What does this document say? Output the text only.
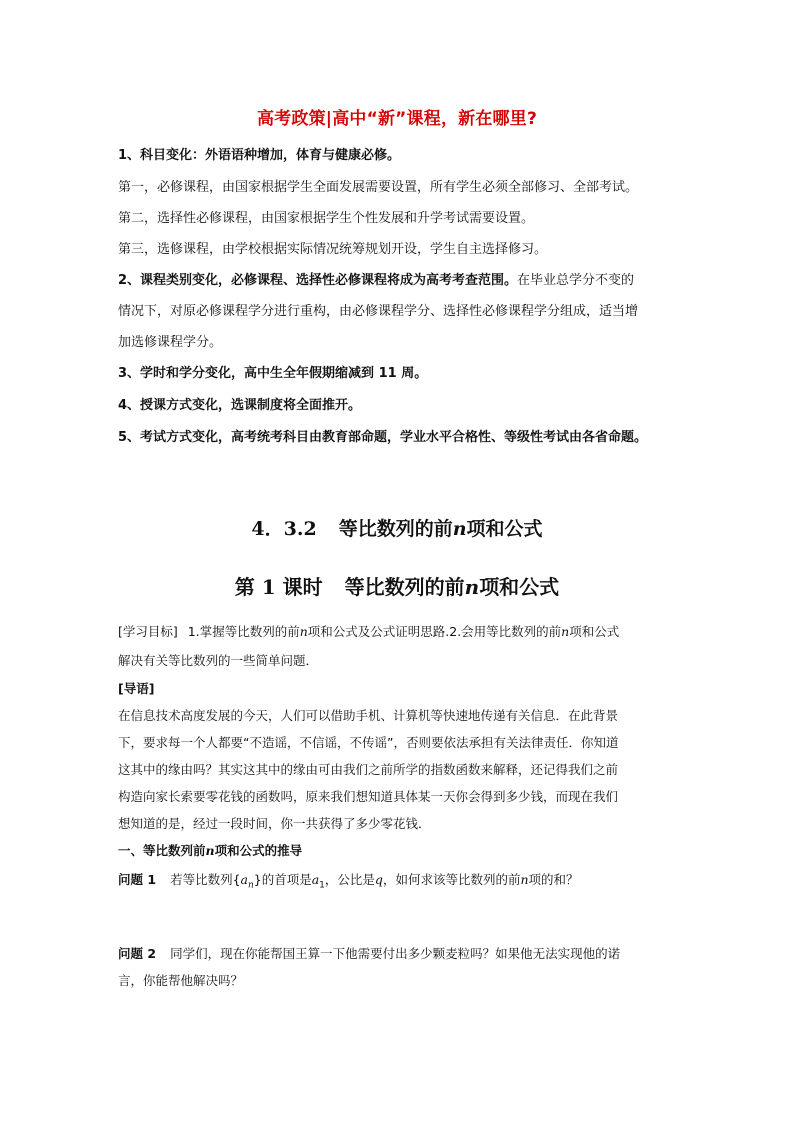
高考政策|高中“新”课程，新在哪里?
1、科目变化：外语语种增加，体育与健康必修。
第一，必修课程，由国家根据学生全面发展需要设置，所有学生必须全部修习、全部考试。
第二，选择性必修课程，由国家根据学生个性发展和升学考试需要设置。
第三，选修课程，由学校根据实际情况统筹规划开设，学生自主选择修习。
2、课程类别变化，必修课程、选择性必修课程将成为高考考查范围。在毕业总学分不变的
情况下，对原必修课程学分进行重构，由必修课程学分、选择性必修课程学分组成，适当增
加选修课程学分。
3、学时和学分变化，高中生全年假期缩减到 11 周。
4、授课方式变化，选课制度将全面推开。
5、考试方式变化，高考统考科目由教育部命题，学业水平合格性、等级性考试由各省命题。
4．3.2 等比数列的前n项和公式
第 1 课时 等比数列的前n项和公式
[学习目标] 1.掌握等比数列的前n项和公式及公式证明思路.2.会用等比数列的前n项和公式
解决有关等比数列的一些简单问题．
[导语]
在信息技术高度发展的今天，人们可以借助手机、计算机等快速地传递有关信息．在此背景
下，要求每一个人都要“不造谣，不信谣，不传谣”，否则要依法承担有关法律责任．你知道
这其中的缘由吗？其实这其中的缘由可由我们之前所学的指数函数来解释，还记得我们之前
构造向家长索要零花钱的函数吗，原来我们想知道具体某一天你会得到多少钱，而现在我们
想知道的是，经过一段时间，你一共获得了多少零花钱．
一、等比数列前n项和公式的推导
问题 1 若等比数列$\{a_n\}$的首项是$a_1$，公比是q，如何求该等比数列的前n项的和？
问题 2 同学们，现在你能帮国王算一下他需要付出多少颗麦粒吗？如果他无法实现他的诺
言，你能帮他解决吗？
